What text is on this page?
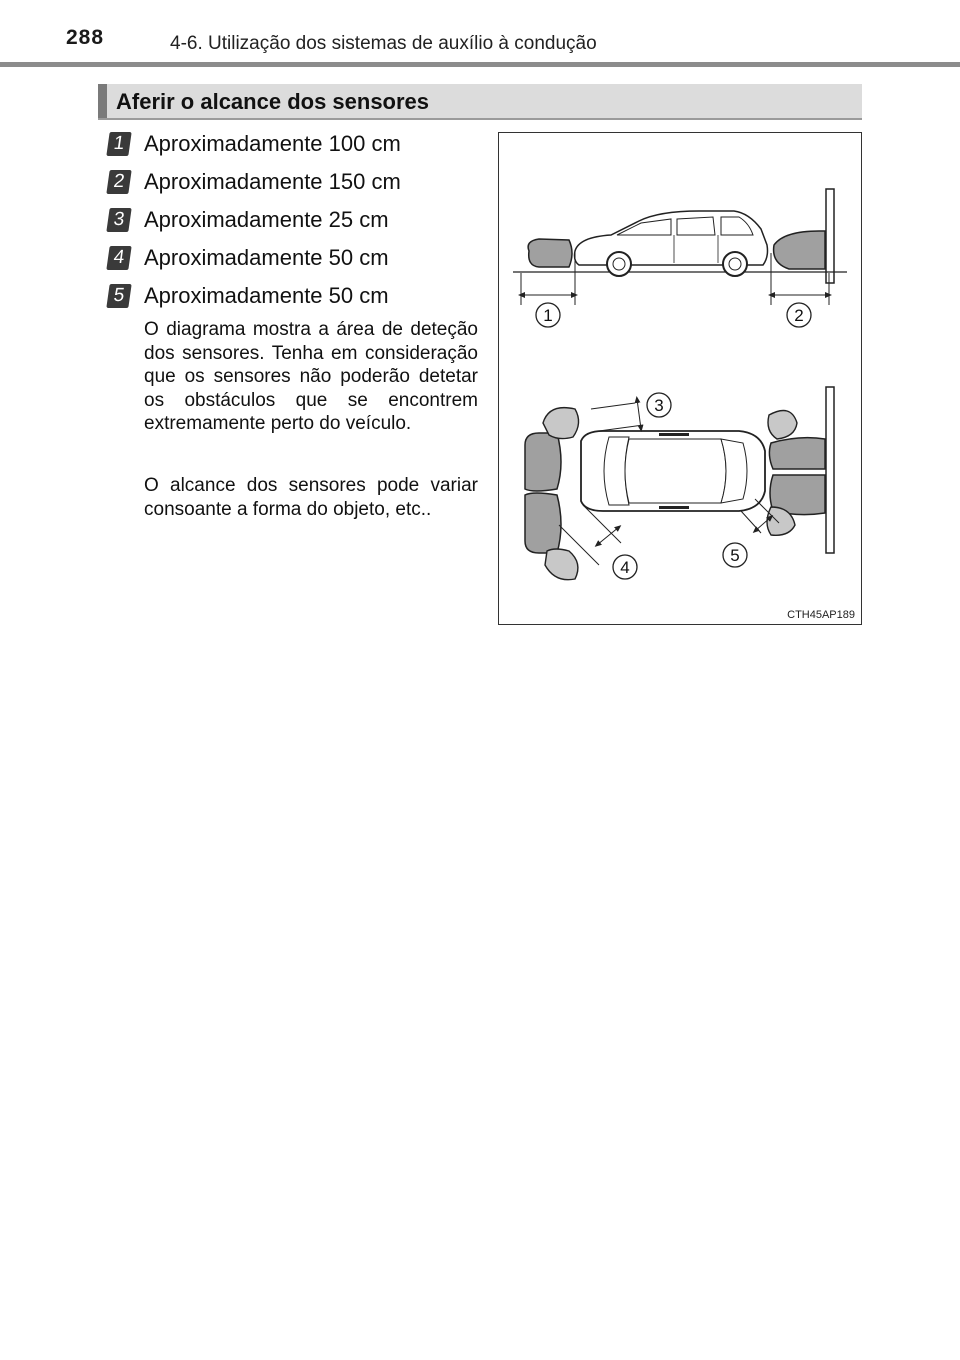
288	4-6. Utilização dos sistemas de auxílio à condução
Aferir o alcance dos sensores
1 Aproximadamente 100 cm
2 Aproximadamente 150 cm
3 Aproximadamente 25 cm
4 Aproximadamente 50 cm
5 Aproximadamente 50 cm

O diagrama mostra a área de deteção dos sensores. Tenha em consideração que os sensores não poderão detetar os obstáculos que se encontrem extremamente perto do veículo.

O alcance dos sensores pode variar consoante a forma do objeto, etc..

1	2
3
4
5
CTH45AP189
